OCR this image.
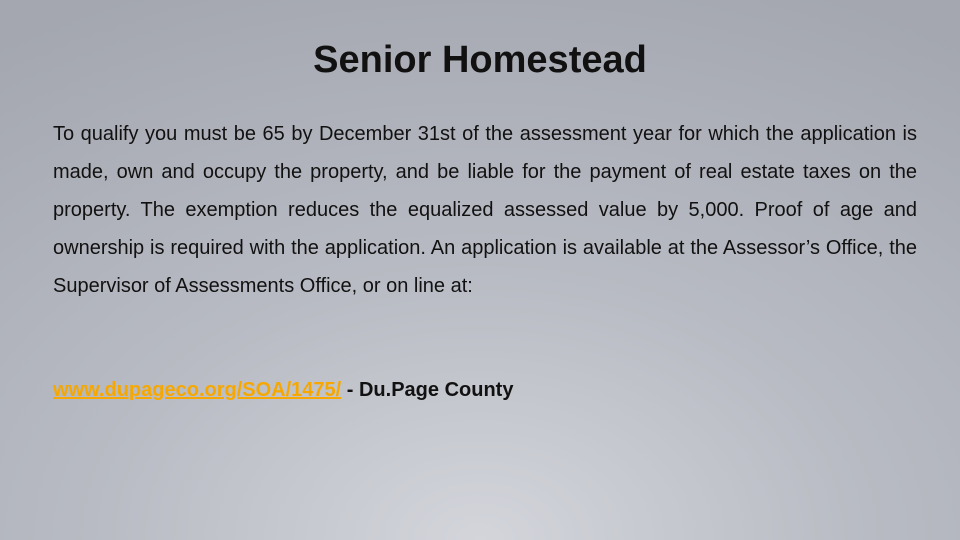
Senior Homestead

To qualify you must be 65 by December 31st of the assessment year for which the application is made, own and occupy the property, and be liable for the payment of real estate taxes on the property. The exemption reduces the equalized assessed value by 5,000. Proof of age and ownership is required with the application. An application is available at the Assessor’s Office, the Supervisor of Assessments Office, or on line at:

www.dupageco.org/SOA/1475/ - Du.Page County
